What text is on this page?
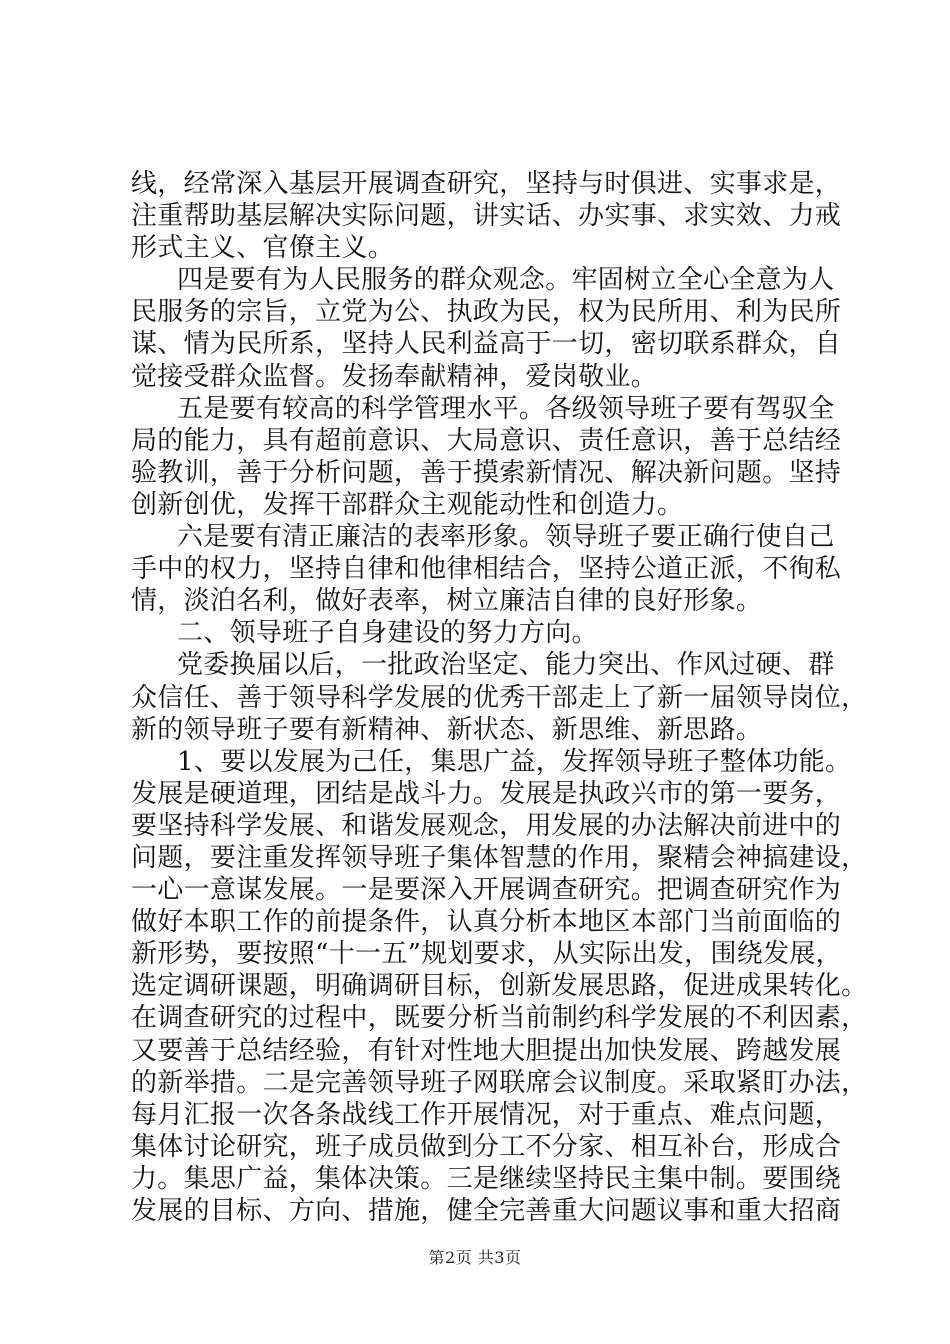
线，经常深入基层开展调查研究，坚持与时俱进、实事求是，
注重帮助基层解决实际问题，讲实话、办实事、求实效、力戒
形式主义、官僚主义。
四是要有为人民服务的群众观念。牢固树立全心全意为人
民服务的宗旨，立党为公、执政为民，权为民所用、利为民所
谋、情为民所系，坚持人民利益高于一切，密切联系群众，自
觉接受群众监督。发扬奉献精神，爱岗敬业。
五是要有较高的科学管理水平。各级领导班子要有驾驭全
局的能力，具有超前意识、大局意识、责任意识，善于总结经
验教训，善于分析问题，善于摸索新情况、解决新问题。坚持
创新创优，发挥干部群众主观能动性和创造力。
六是要有清正廉洁的表率形象。领导班子要正确行使自己
手中的权力，坚持自律和他律相结合，坚持公道正派，不徇私
情，淡泊名利，做好表率，树立廉洁自律的良好形象。
二、领导班子自身建设的努力方向。
党委换届以后，一批政治坚定、能力突出、作风过硬、群
众信任、善于领导科学发展的优秀干部走上了新一届领导岗位，
新的领导班子要有新精神、新状态、新思维、新思路。
1、要以发展为己任，集思广益，发挥领导班子整体功能。
发展是硬道理，团结是战斗力。发展是执政兴市的第一要务，
要坚持科学发展、和谐发展观念，用发展的办法解决前进中的
问题，要注重发挥领导班子集体智慧的作用，聚精会神搞建设，
一心一意谋发展。一是要深入开展调查研究。把调查研究作为
做好本职工作的前提条件，认真分析本地区本部门当前面临的
新形势，要按照“十一五”规划要求，从实际出发，围绕发展，
选定调研课题，明确调研目标，创新发展思路，促进成果转化。
在调查研究的过程中，既要分析当前制约科学发展的不利因素，
又要善于总结经验，有针对性地大胆提出加快发展、跨越发展
的新举措。二是完善领导班子网联席会议制度。采取紧盯办法，
每月汇报一次各条战线工作开展情况，对于重点、难点问题，
集体讨论研究，班子成员做到分工不分家、相互补台，形成合
力。集思广益，集体决策。三是继续坚持民主集中制。要围绕
发展的目标、方向、措施，健全完善重大问题议事和重大招商
第2页 共3页
